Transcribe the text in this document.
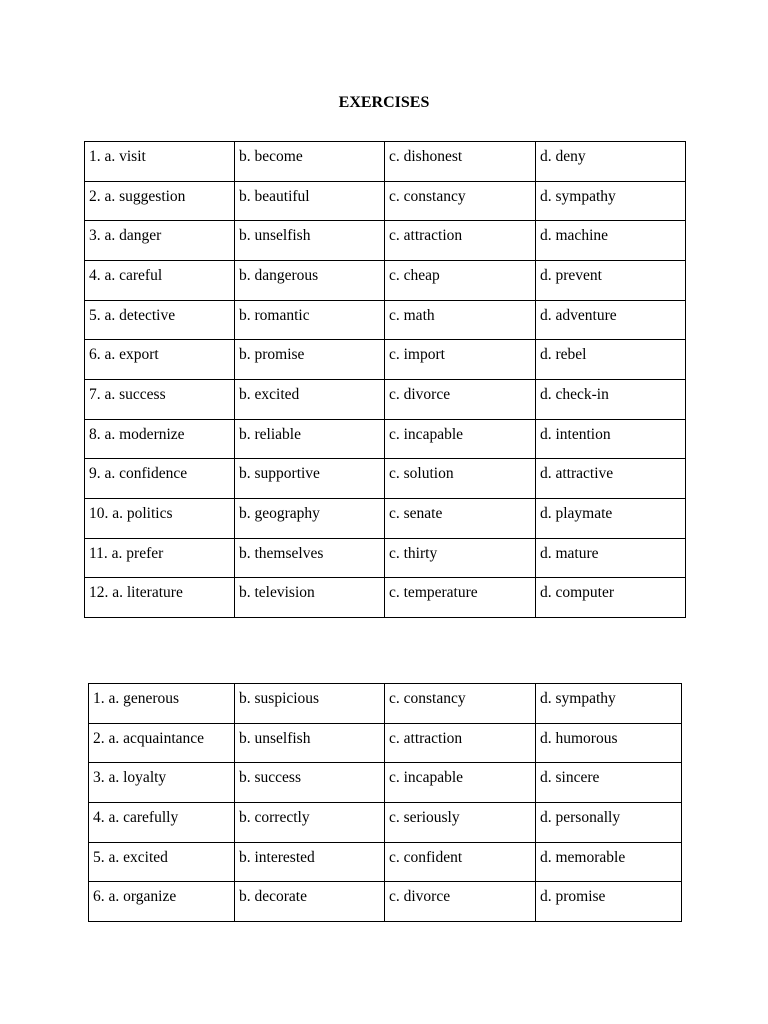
EXERCISES
1. a. visit	b. become	c. dishonest	d. deny
2. a. suggestion	b. beautiful	c. constancy	d. sympathy
3. a. danger	b. unselfish	c. attraction	d. machine
4. a. careful	b. dangerous	c. cheap	d. prevent
5. a. detective	b. romantic	c. math	d. adventure
6. a. export	b. promise	c. import	d. rebel
7. a. success	b. excited	c. divorce	d. check-in
8. a. modernize	b. reliable	c. incapable	d. intention
9. a. confidence	b. supportive	c. solution	d. attractive
10. a. politics	b. geography	c. senate	d. playmate
11. a. prefer	b. themselves	c. thirty	d. mature
12. a. literature	b. television	c. temperature	d. computer
1. a. generous	b. suspicious	c. constancy	d. sympathy
2. a. acquaintance	b. unselfish	c. attraction	d. humorous
3. a. loyalty	b. success	c. incapable	d. sincere
4. a. carefully	b. correctly	c. seriously	d. personally
5. a. excited	b. interested	c. confident	d. memorable
6. a. organize	b. decorate	c. divorce	d. promise
